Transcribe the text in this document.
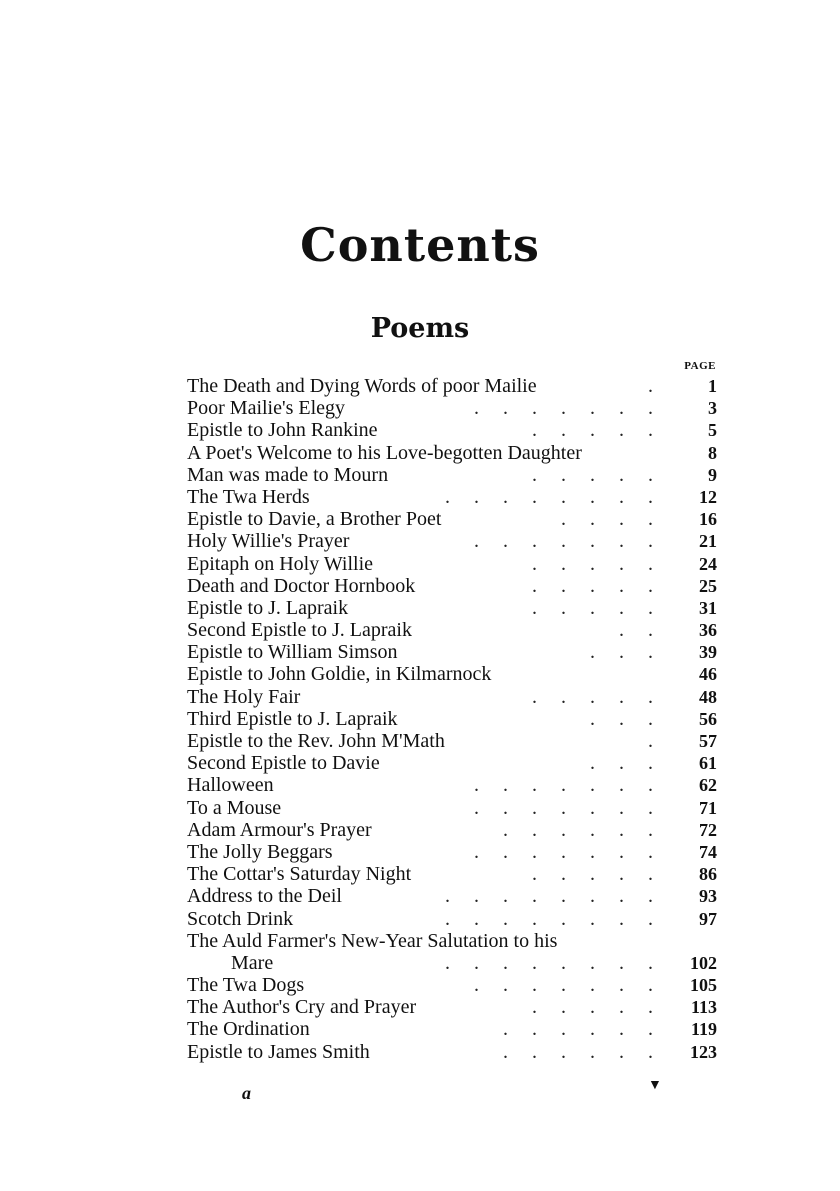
Contents
Poems
PAGE
The Death and Dying Words of poor Mailie	.	1
Poor Mailie's Elegy	.......	3
Epistle to John Rankine	.....	5
A Poet's Welcome to his Love-begotten Daughter	8
Man was made to Mourn	.....	9
The Twa Herds	........	12
Epistle to Davie, a Brother Poet	....	16
Holy Willie's Prayer	.......	21
Epitaph on Holy Willie	.....	24
Death and Doctor Hornbook	.....	25
Epistle to J. Lapraik	.....	31
Second Epistle to J. Lapraik	..	36
Epistle to William Simson	...	39
Epistle to John Goldie, in Kilmarnock	46
The Holy Fair	.....	48
Third Epistle to J. Lapraik	...	56
Epistle to the Rev. John M'Math	.	57
Second Epistle to Davie	...	61
Halloween	.......	62
To a Mouse	.......	71
Adam Armour's Prayer	......	72
The Jolly Beggars	.......	74
The Cottar's Saturday Night	.....	86
Address to the Deil	........	93
Scotch Drink	........	97
The Auld Farmer's New-Year Salutation to his
Mare	........ 102
The Twa Dogs	....... 105
The Author's Cry and Prayer	..... 113
The Ordination	...... 119
Epistle to James Smith	...... 123
a	▼
